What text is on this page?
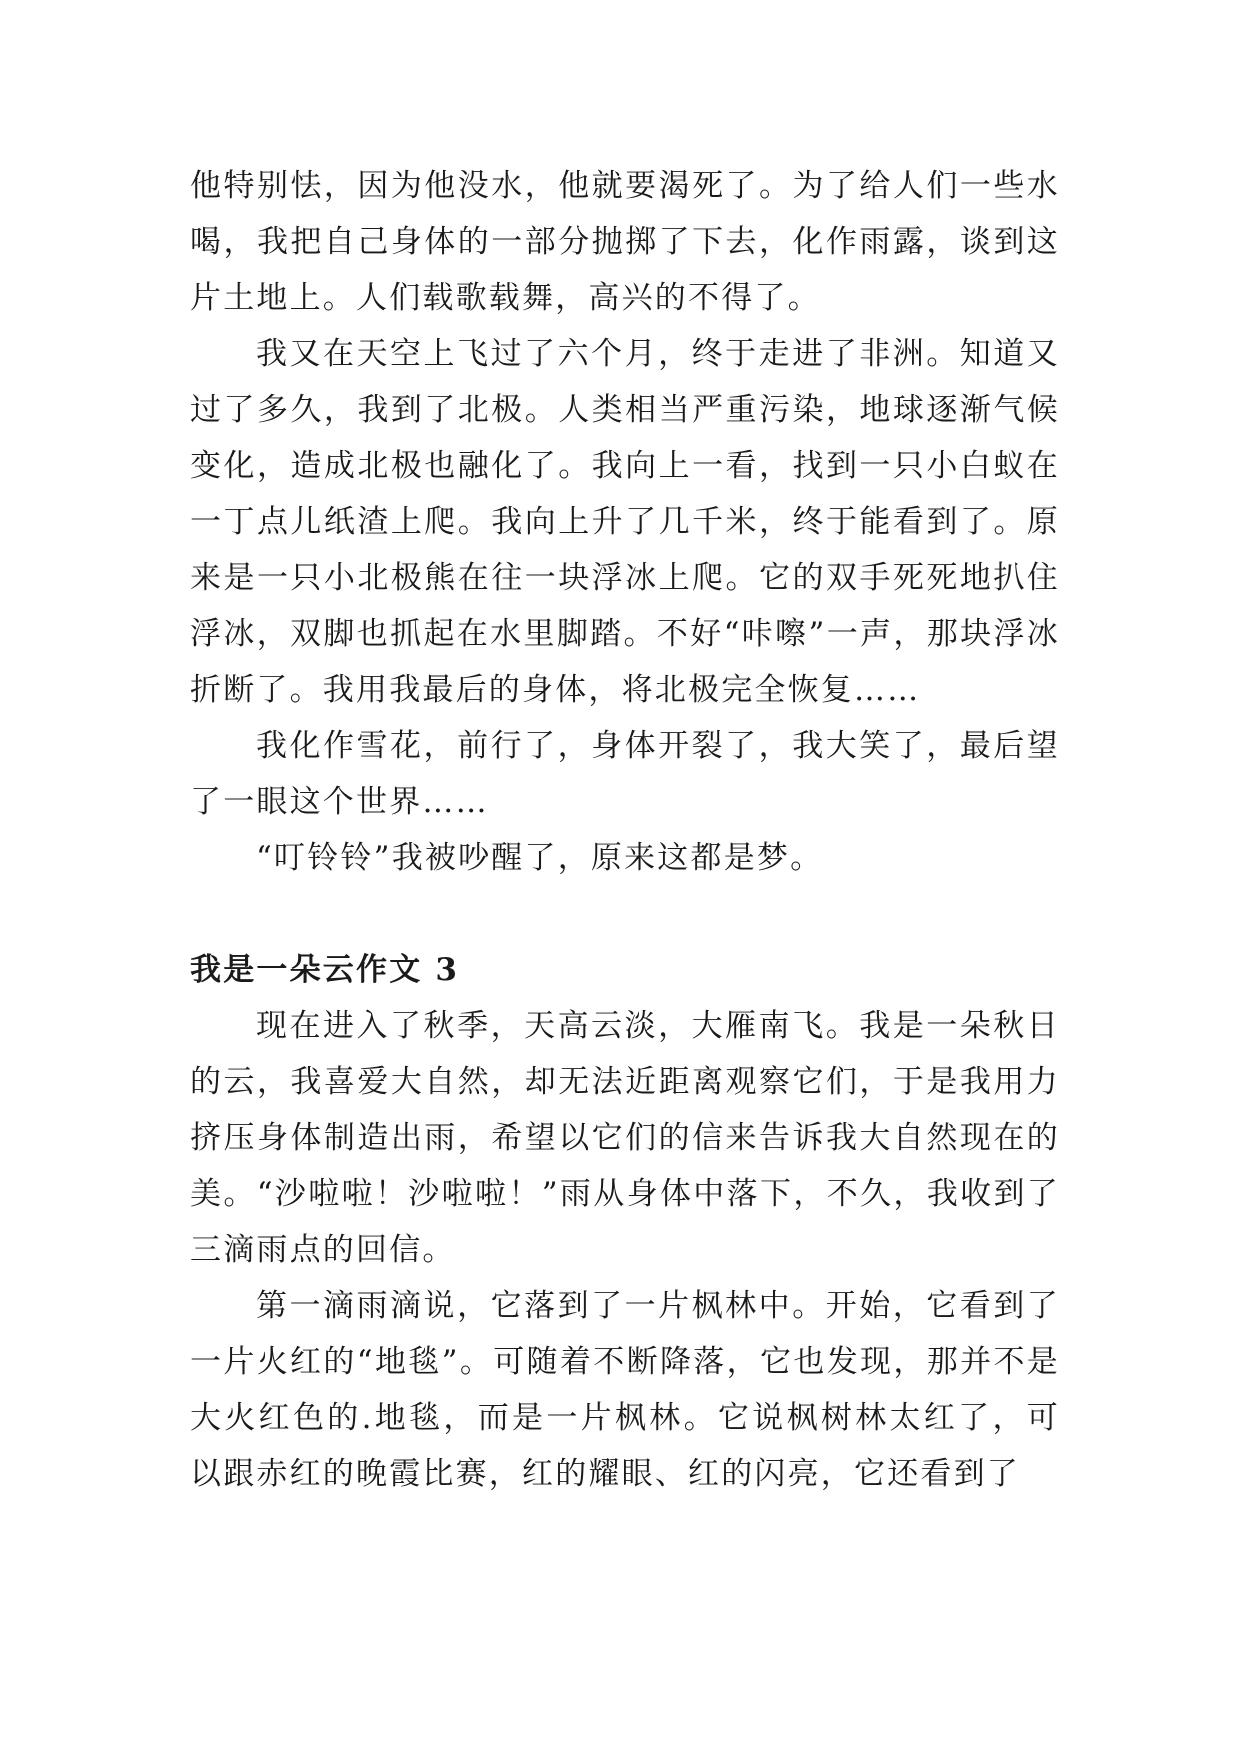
他特别怯，因为他没水，他就要渴死了。为了给人们一些水喝，我把自己身体的一部分抛掷了下去，化作雨露，谈到这片土地上。人们载歌载舞，高兴的不得了。

我又在天空上飞过了六个月，终于走进了非洲。知道又过了多久，我到了北极。人类相当严重污染，地球逐渐气候变化，造成北极也融化了。我向上一看，找到一只小白蚁在一丁点儿纸渣上爬。我向上升了几千米，终于能看到了。原来是一只小北极熊在往一块浮冰上爬。它的双手死死地扒住浮冰，双脚也抓起在水里脚踏。不好“咔嚓”一声，那块浮冰折断了。我用我最后的身体，将北极完全恢复……

我化作雪花，前行了，身体开裂了，我大笑了，最后望了一眼这个世界……

“叮铃铃”我被吵醒了，原来这都是梦。

我是一朵云作文 3

现在进入了秋季，天高云淡，大雁南飞。我是一朵秋日的云，我喜爱大自然，却无法近距离观察它们，于是我用力挤压身体制造出雨，希望以它们的信来告诉我大自然现在的美。“沙啦啦！沙啦啦！”雨从身体中落下，不久，我收到了三滴雨点的回信。

第一滴雨滴说，它落到了一片枫林中。开始，它看到了一片火红的“地毯”。可随着不断降落，它也发现，那并不是大火红色的.地毯，而是一片枫林。它说枫树林太红了，可以跟赤红的晚霞比赛，红的耀眼、红的闪亮，它还看到了
